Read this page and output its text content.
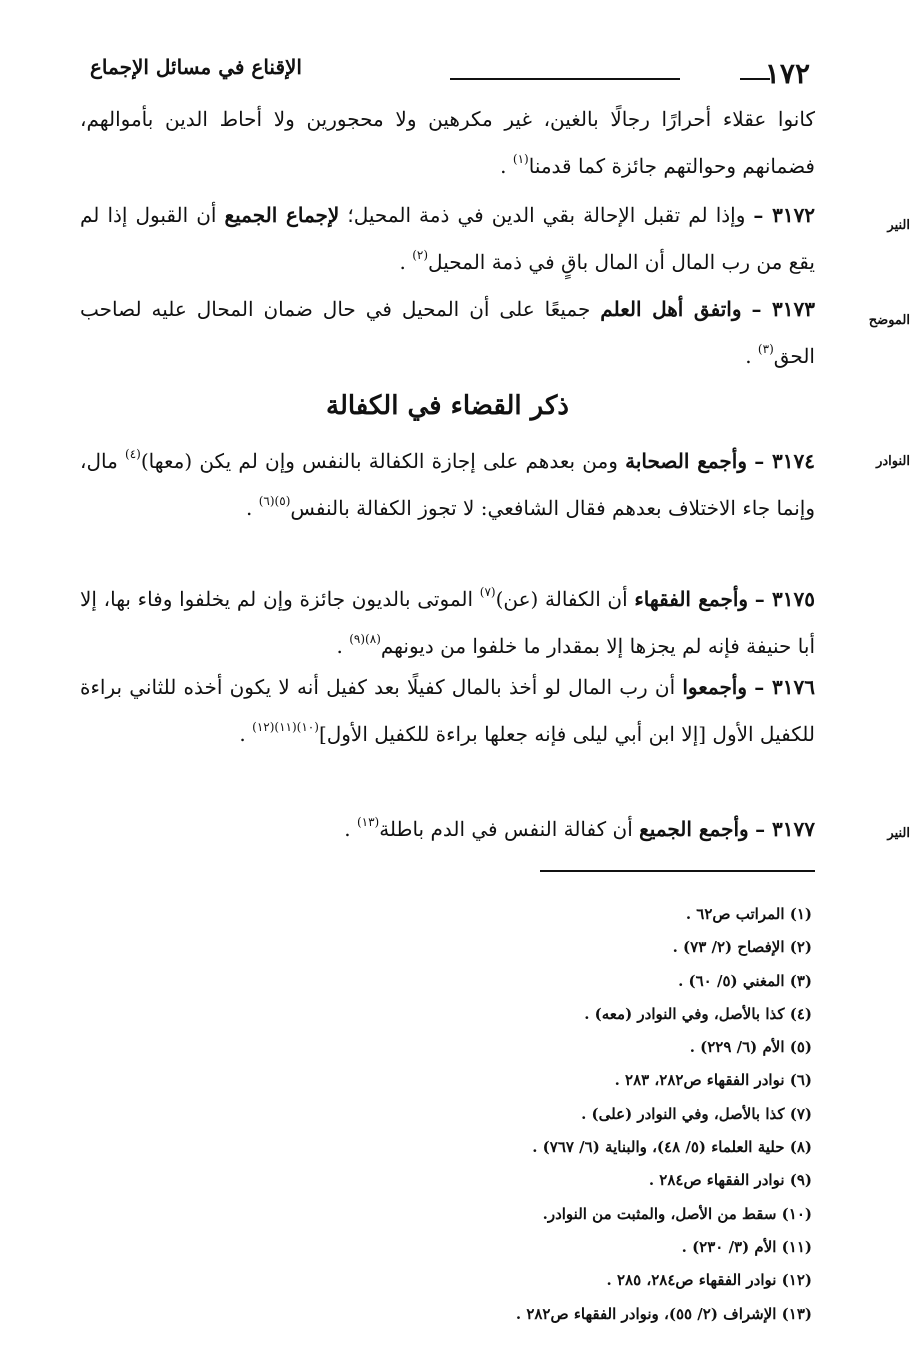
١٧٢
الإقناع في مسائل الإجماع
النير
الموضح
النوادر
النير
كانوا عقلاء أحرارًا رجالًا بالغين، غير مكرهين ولا محجورين ولا أحاط الدين بأموالهم، فضمانهم وحوالتهم جائزة كما قدمنا$^{(١)}$ .
٣١٧٢ – وإذا لم تقبل الإحالة بقي الدين في ذمة المحيل؛ لإجماع الجميع أن القبول إذا لم يقع من رب المال أن المال باقٍ في ذمة المحيل$^{(٢)}$ .
٣١٧٣ – واتفق أهل العلم جميعًا على أن المحيل في حال ضمان المحال عليه لصاحب الحق$^{(٣)}$ .
ذكر القضاء في الكفالة
٣١٧٤ – وأجمع الصحابة ومن بعدهم على إجازة الكفالة بالنفس وإن لم يكن (معها)$^{(٤)}$ مال، وإنما جاء الاختلاف بعدهم فقال الشافعي: لا تجوز الكفالة بالنفس$^{(٥)(٦)}$ .
٣١٧٥ – وأجمع الفقهاء أن الكفالة (عن)$^{(٧)}$ الموتى بالديون جائزة وإن لم يخلفوا وفاء بها، إلا أبا حنيفة فإنه لم يجزها إلا بمقدار ما خلفوا من ديونهم$^{(٨)(٩)}$ .
٣١٧٦ – وأجمعوا أن رب المال لو أخذ بالمال كفيلًا بعد كفيل أنه لا يكون أخذه للثاني براءة للكفيل الأول [إلا ابن أبي ليلى فإنه جعلها براءة للكفيل الأول]$^{(١٠)(١١)(١٢)}$ .
٣١٧٧ – وأجمع الجميع أن كفالة النفس في الدم باطلة$^{(١٣)}$ .
(١) المراتب ص٦٢ .
(٢) الإفصاح (٢/ ٧٣) .
(٣) المغني (٥/ ٦٠) .
(٤) كذا بالأصل، وفي النوادر (معه) .
(٥) الأم (٦/ ٢٢٩) .
(٦) نوادر الفقهاء ص٢٨٢، ٢٨٣ .
(٧) كذا بالأصل، وفي النوادر (على) .
(٨) حلية العلماء (٥/ ٤٨)، والبناية (٦/ ٧٦٧) .
(٩) نوادر الفقهاء ص٢٨٤ .
(١٠) سقط من الأصل، والمثبت من النوادر.
(١١) الأم (٣/ ٢٣٠) .
(١٢) نوادر الفقهاء ص٢٨٤، ٢٨٥ .
(١٣) الإشراف (٢/ ٥٥)، ونوادر الفقهاء ص٢٨٢ .
